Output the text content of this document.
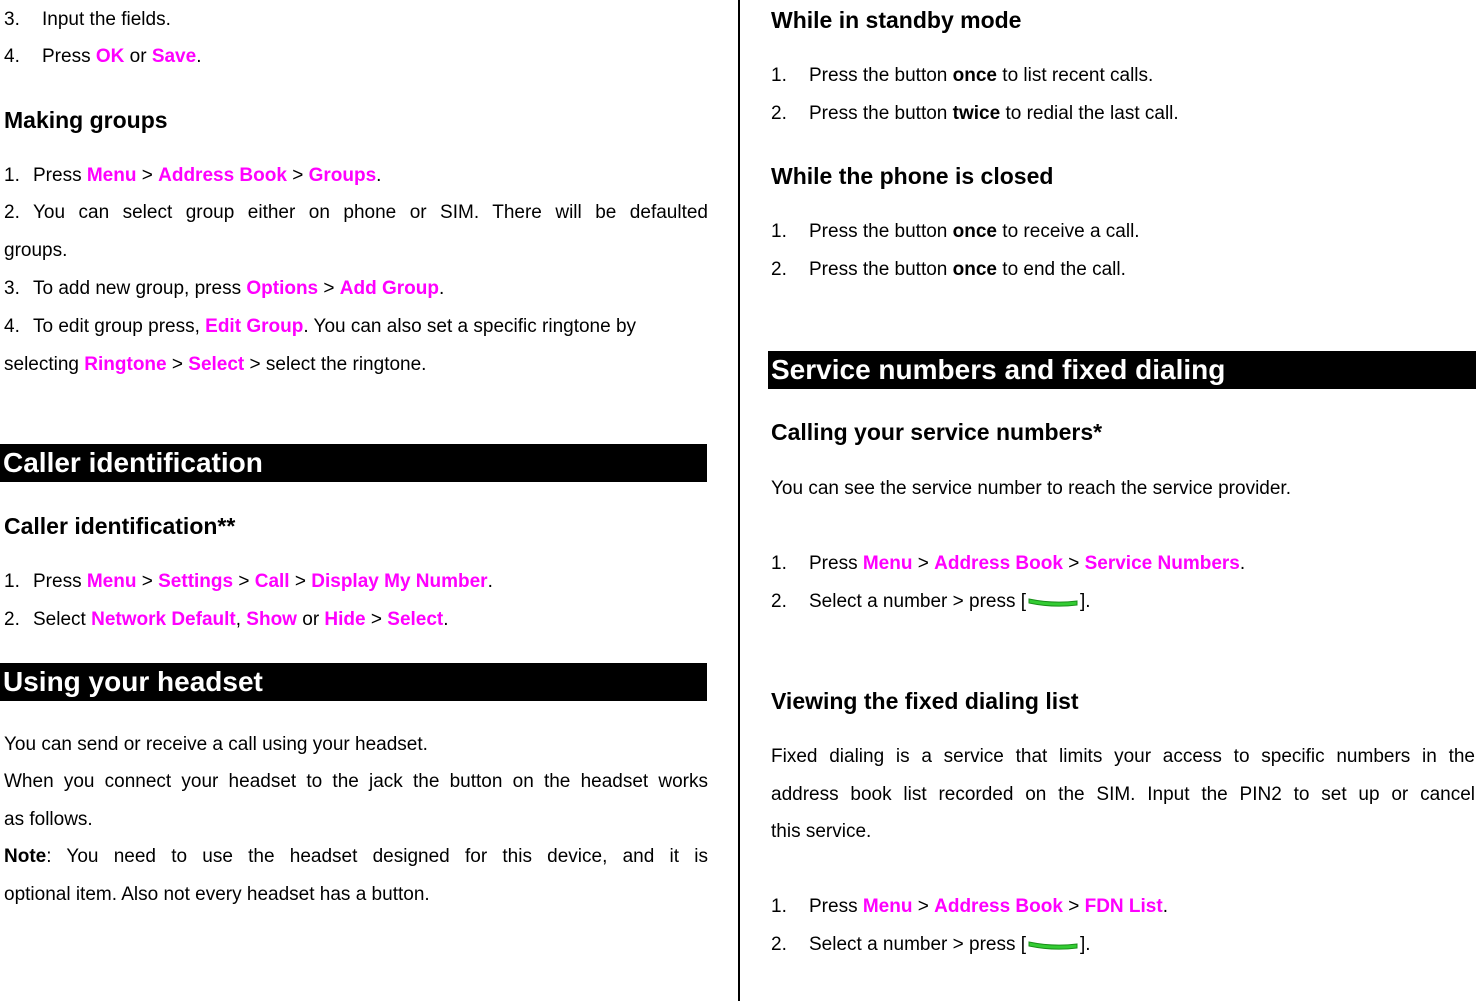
3. Input the fields.
4. Press OK or Save.
Making groups
1. Press Menu > Address Book > Groups.
2. You can select group either on phone or SIM. There will be defaulted
groups.
3. To add new group, press Options > Add Group.
4. To edit group press, Edit Group. You can also set a specific ringtone by
selecting Ringtone > Select > select the ringtone.
Caller identification
Caller identification**
1. Press Menu > Settings > Call > Display My Number.
2. Select Network Default, Show or Hide > Select.
Using your headset
You can send or receive a call using your headset.
When you connect your headset to the jack the button on the headset works
as follows.
Note: You need to use the headset designed for this device, and it is
optional item. Also not every headset has a button.
While in standby mode
1. Press the button once to list recent calls.
2. Press the button twice to redial the last call.
While the phone is closed
1. Press the button once to receive a call.
2. Press the button once to end the call.
Service numbers and fixed dialing
Calling your service numbers*
You can see the service number to reach the service provider.
1. Press Menu > Address Book > Service Numbers.
2. Select a number > press [	].
Viewing the fixed dialing list
Fixed dialing is a service that limits your access to specific numbers in the
address book list recorded on the SIM. Input the PIN2 to set up or cancel
this service.
1. Press Menu > Address Book > FDN List.
2. Select a number > press [	].
